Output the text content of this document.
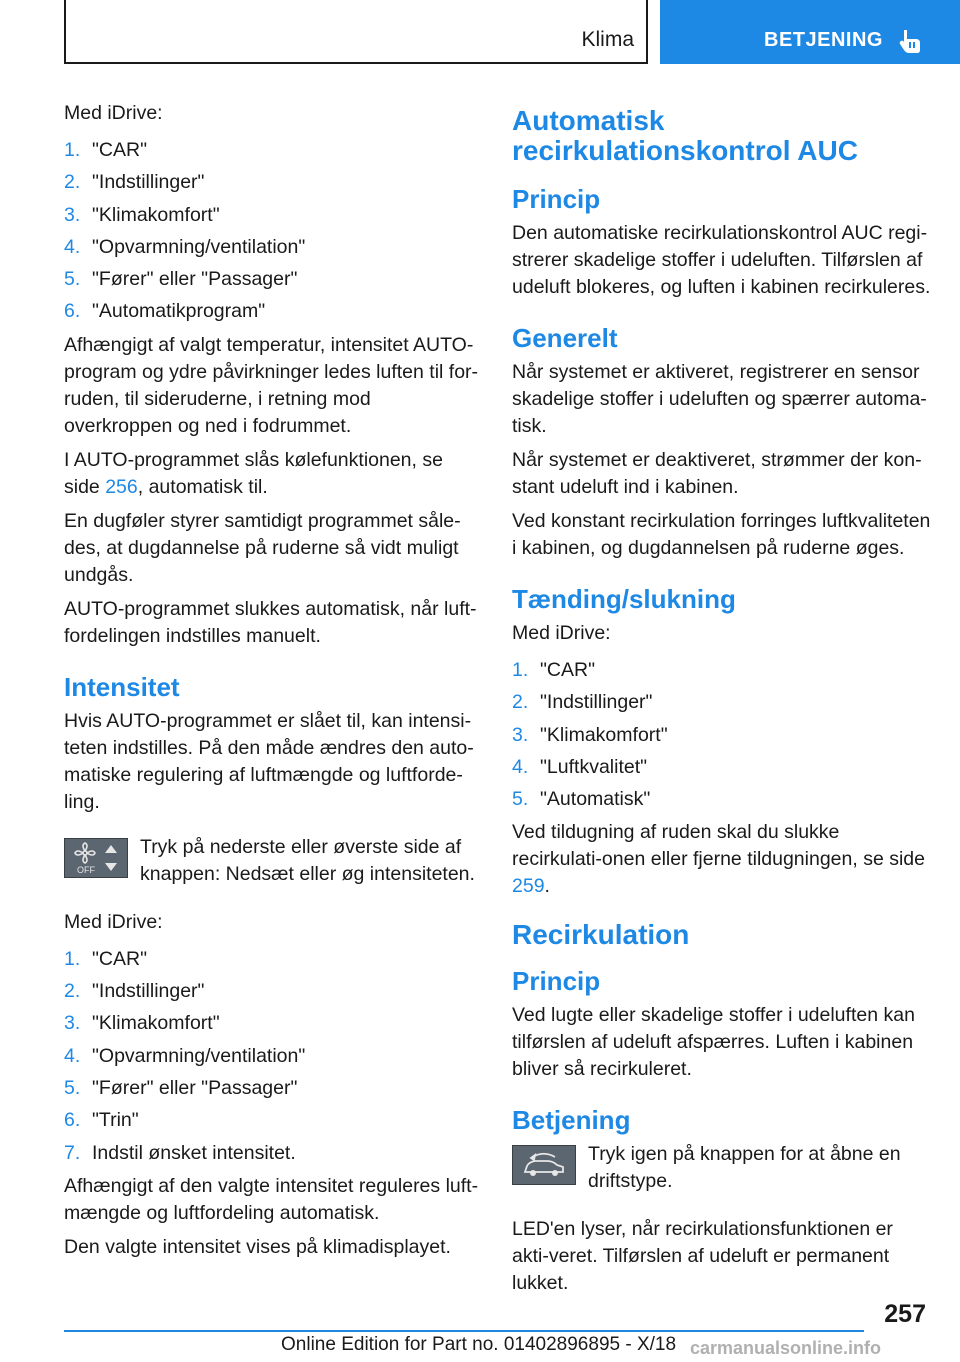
Klima	BETJENING

Med iDrive:

1. "CAR"
2. "Indstillinger"
3. "Klimakomfort"
4. "Opvarmning/ventilation"
5. "Fører" eller "Passager"
6. "Automatikprogram"

Afhængigt af valgt temperatur, intensitet AUTO-program og ydre påvirkninger ledes luften til for-ruden, til sideruderne, i retning mod overkroppen og ned i fodrummet.

I AUTO-programmet slås kølefunktionen, se side 256, automatisk til.

En dugføler styrer samtidigt programmet såle-des, at dugdannelse på ruderne så vidt muligt undgås.

AUTO-programmet slukkes automatisk, når luft-fordelingen indstilles manuelt.

Intensitet

Hvis AUTO-programmet er slået til, kan intensi-teten indstilles. På den måde ændres den auto-matiske regulering af luftmængde og luftforde-ling.

OFF

Tryk på nederste eller øverste side af knappen: Nedsæt eller øg intensiteten.

Med iDrive:

1. "CAR"
2. "Indstillinger"
3. "Klimakomfort"
4. "Opvarmning/ventilation"
5. "Fører" eller "Passager"
6. "Trin"
7. Indstil ønsket intensitet.

Afhængigt af den valgte intensitet reguleres luft-mængde og luftfordeling automatisk.

Den valgte intensitet vises på klimadisplayet.

Automatisk recirkulationskontrol AUC
Princip

Den automatiske recirkulationskontrol AUC regi-strerer skadelige stoffer i udeluften. Tilførslen af udeluft blokeres, og luften i kabinen recirkuleres.

Generelt

Når systemet er aktiveret, registrerer en sensor skadelige stoffer i udeluften og spærrer automa-tisk.

Når systemet er deaktiveret, strømmer der kon-stant udeluft ind i kabinen.

Ved konstant recirkulation forringes luftkvaliteten i kabinen, og dugdannelsen på ruderne øges.

Tænding/slukning

Med iDrive:

1. "CAR"
2. "Indstillinger"
3. "Klimakomfort"
4. "Luftkvalitet"
5. "Automatisk"

Ved tildugning af ruden skal du slukke recirkulati-onen eller fjerne tildugningen, se side 259.

Recirkulation
Princip

Ved lugte eller skadelige stoffer i udeluften kan tilførslen af udeluft afspærres. Luften i kabinen bliver så recirkuleret.

Betjening

Tryk igen på knappen for at åbne en driftstype.

LED'en lyser, når recirkulationsfunktionen er akti-veret. Tilførslen af udeluft er permanent lukket.

257
Online Edition for Part no. 01402896895 - X/18 carmanualsonline.info
